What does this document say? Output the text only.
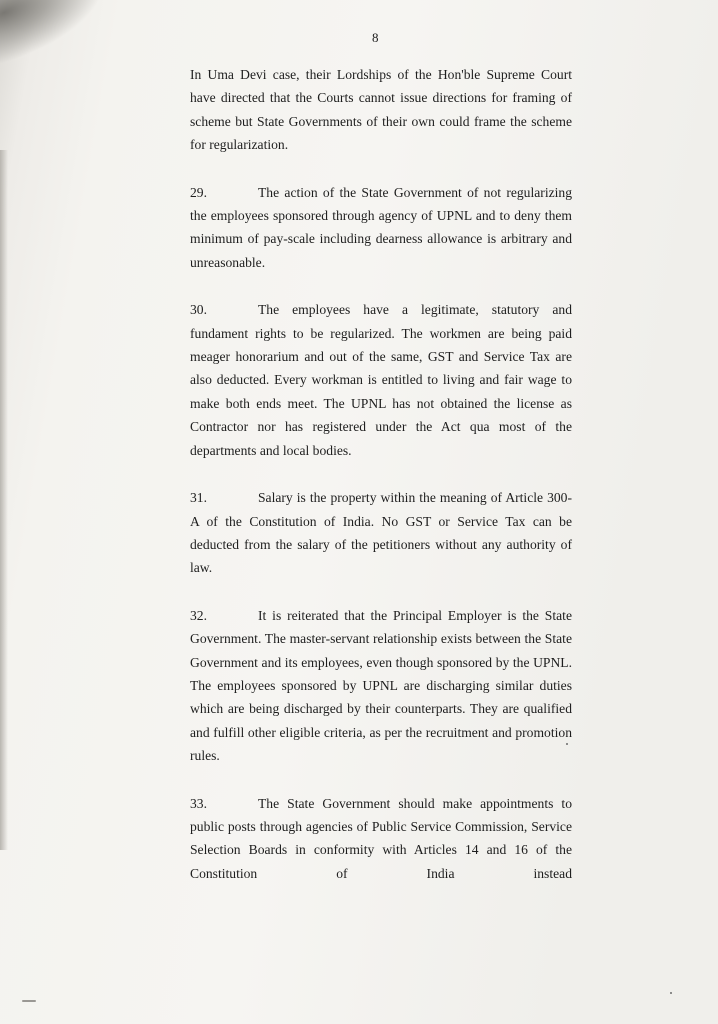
8

In Uma Devi case, their Lordships of the Hon'ble Supreme Court have directed that the Courts cannot issue directions for framing of scheme but State Governments of their own could frame the scheme for regularization.

29.	The action of the State Government of not regularizing the employees sponsored through agency of UPNL and to deny them minimum of pay-scale including dearness allowance is arbitrary and unreasonable.

30.	The employees have a legitimate, statutory and fundament rights to be regularized. The workmen are being paid meager honorarium and out of the same, GST and Service Tax are also deducted. Every workman is entitled to living and fair wage to make both ends meet. The UPNL has not obtained the license as Contractor nor has registered under the Act qua most of the departments and local bodies.

31.	Salary is the property within the meaning of Article 300-A of the Constitution of India. No GST or Service Tax can be deducted from the salary of the petitioners without any authority of law.

32.	It is reiterated that the Principal Employer is the State Government. The master-servant relationship exists between the State Government and its employees, even though sponsored by the UPNL. The employees sponsored by UPNL are discharging similar duties which are being discharged by their counterparts. They are qualified and fulfill other eligible criteria, as per the recruitment and promotion rules.

33.	The State Government should make appointments to public posts through agencies of Public Service Commission, Service Selection Boards in conformity with Articles 14 and 16 of the Constitution of India instead
